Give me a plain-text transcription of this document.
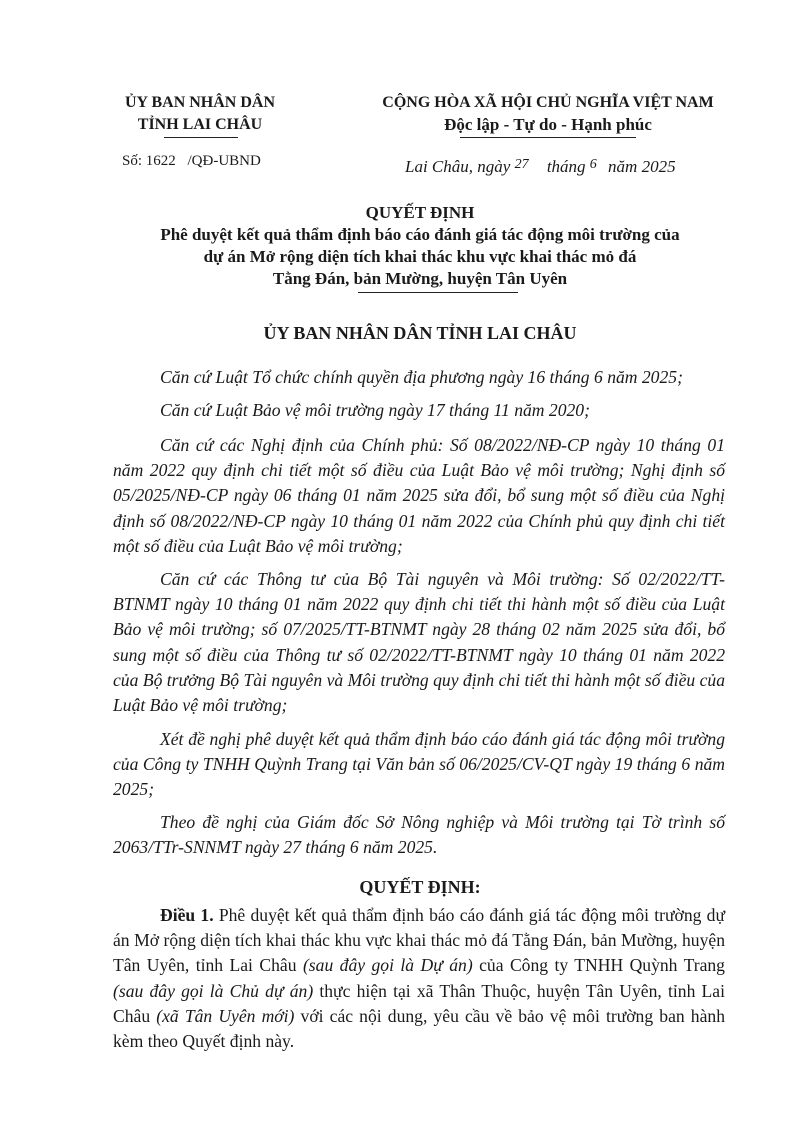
ỦY BAN NHÂN DÂN
TỈNH LAI CHÂU
Số: 1622 /QĐ-UBND
CỘNG HÒA XÃ HỘI CHỦ NGHĨA VIỆT NAM
Độc lập - Tự do - Hạnh phúc
Lai Châu, ngày 27 tháng 6 năm 2025
QUYẾT ĐỊNH
Phê duyệt kết quả thẩm định báo cáo đánh giá tác động môi trường của
dự án Mở rộng diện tích khai thác khu vực khai thác mỏ đá
Tằng Đán, bản Mường, huyện Tân Uyên
ỦY BAN NHÂN DÂN TỈNH LAI CHÂU
Căn cứ Luật Tổ chức chính quyền địa phương ngày 16 tháng 6 năm 2025;
Căn cứ Luật Bảo vệ môi trường ngày 17 tháng 11 năm 2020;
Căn cứ các Nghị định của Chính phủ: Số 08/2022/NĐ-CP ngày 10 tháng 01 năm 2022 quy định chi tiết một số điều của Luật Bảo vệ môi trường; Nghị định số 05/2025/NĐ-CP ngày 06 tháng 01 năm 2025 sửa đổi, bổ sung một số điều của Nghị định số 08/2022/NĐ-CP ngày 10 tháng 01 năm 2022 của Chính phủ quy định chi tiết một số điều của Luật Bảo vệ môi trường;
Căn cứ các Thông tư của Bộ Tài nguyên và Môi trường: Số 02/2022/TT-BTNMT ngày 10 tháng 01 năm 2022 quy định chi tiết thi hành một số điều của Luật Bảo vệ môi trường; số 07/2025/TT-BTNMT ngày 28 tháng 02 năm 2025 sửa đổi, bổ sung một số điều của Thông tư số 02/2022/TT-BTNMT ngày 10 tháng 01 năm 2022 của Bộ trưởng Bộ Tài nguyên và Môi trường quy định chi tiết thi hành một số điều của Luật Bảo vệ môi trường;
Xét đề nghị phê duyệt kết quả thẩm định báo cáo đánh giá tác động môi trường của Công ty TNHH Quỳnh Trang tại Văn bản số 06/2025/CV-QT ngày 19 tháng 6 năm 2025;
Theo đề nghị của Giám đốc Sở Nông nghiệp và Môi trường tại Tờ trình số 2063/TTr-SNNMT ngày 27 tháng 6 năm 2025.
QUYẾT ĐỊNH:
Điều 1. Phê duyệt kết quả thẩm định báo cáo đánh giá tác động môi trường dự án Mở rộng diện tích khai thác khu vực khai thác mỏ đá Tằng Đán, bản Mường, huyện Tân Uyên, tỉnh Lai Châu (sau đây gọi là Dự án) của Công ty TNHH Quỳnh Trang (sau đây gọi là Chủ dự án) thực hiện tại xã Thân Thuộc, huyện Tân Uyên, tỉnh Lai Châu (xã Tân Uyên mới) với các nội dung, yêu cầu về bảo vệ môi trường ban hành kèm theo Quyết định này.
